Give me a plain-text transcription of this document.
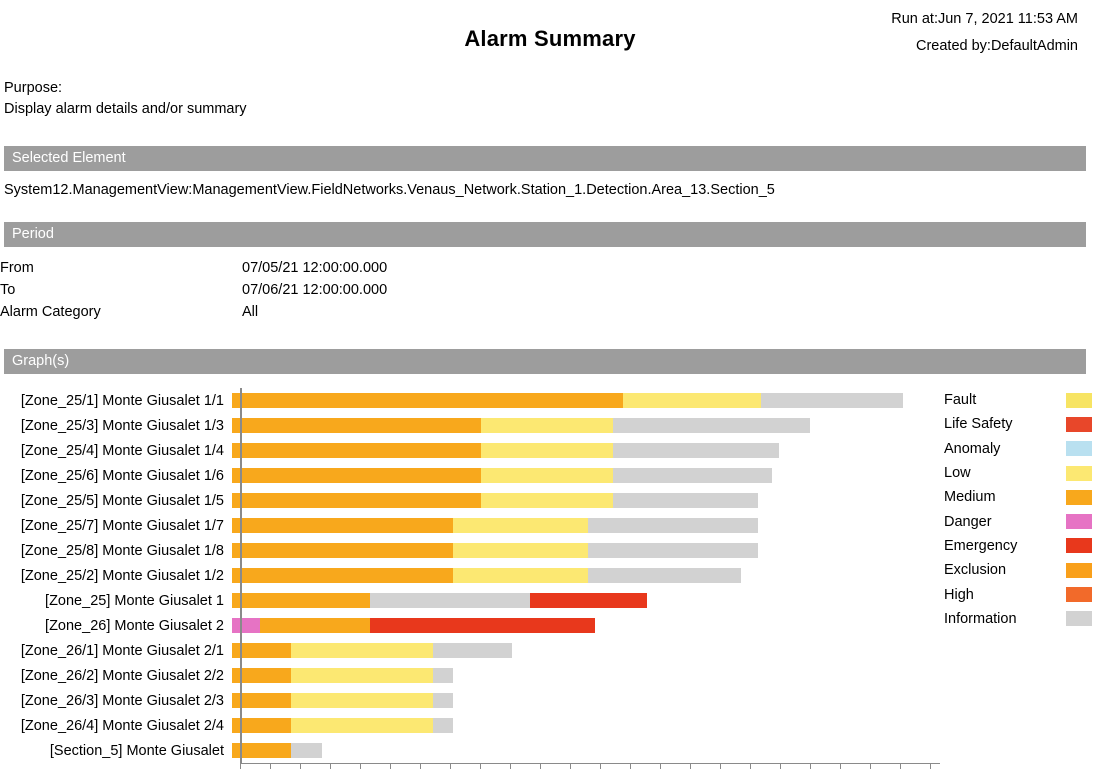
Alarm Summary
Run at:Jun 7, 2021 11:53 AM
Created by:DefaultAdmin
Purpose:
Display alarm details and/or summary
Selected Element
System12.ManagementView:ManagementView.FieldNetworks.Venaus_Network.Station_1.Detection.Area_13.Section_5
Period
From	07/05/21 12:00:00.000
To	07/06/21 12:00:00.000
Alarm Category	All
Graph(s)
[Zone_25/1] Monte Giusalet 1/1
[Zone_25/3] Monte Giusalet 1/3
[Zone_25/4] Monte Giusalet 1/4
[Zone_25/6] Monte Giusalet 1/6
[Zone_25/5] Monte Giusalet 1/5
[Zone_25/7] Monte Giusalet 1/7
[Zone_25/8] Monte Giusalet 1/8
[Zone_25/2] Monte Giusalet 1/2
[Zone_25] Monte Giusalet 1
[Zone_26] Monte Giusalet 2
[Zone_26/1] Monte Giusalet 2/1
[Zone_26/2] Monte Giusalet 2/2
[Zone_26/3] Monte Giusalet 2/3
[Zone_26/4] Monte Giusalet 2/4
[Section_5] Monte Giusalet
Fault
Life Safety
Anomaly
Low
Medium
Danger
Emergency
Exclusion
High
Information
